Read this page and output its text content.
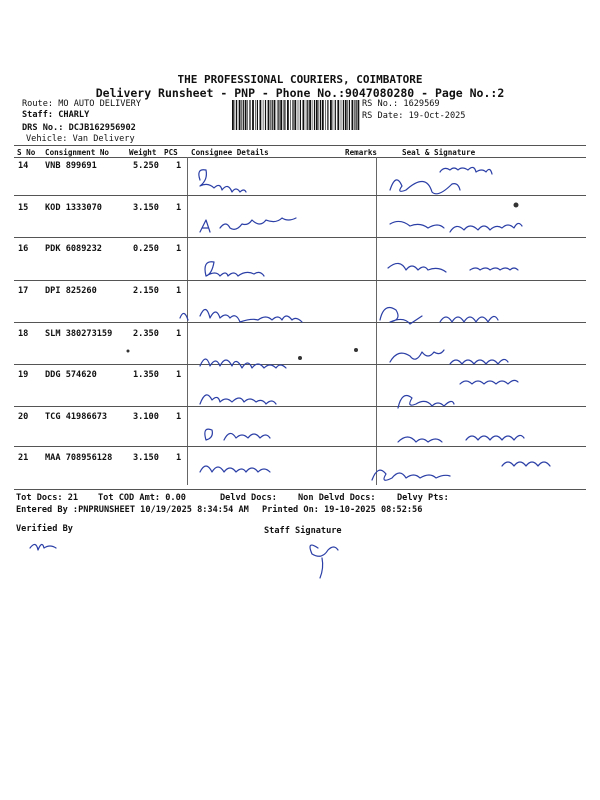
THE PROFESSIONAL COURIERS, COIMBATORE
Delivery Runsheet - PNP - Phone No.:9047080280 - Page No.:2
Route: MO AUTO DELIVERY
Staff: CHARLY
DRS No.: DCJB162956902
Vehicle: Van Delivery
RS No.: 1629569
RS Date: 19-Oct-2025
S No Consignment No	Weight PCS Consignee Details	Remarks	Seal & Signature
14 VNB 899691	5.250 1
15 KOD 1333070	3.150 1
16 PDK 6089232	0.250 1
17 DPI 825260	2.150 1
18 SLM 380273159 2.350 1
19 DDG 574620	1.350 1
20 TCG 41986673	3.100 1
21 MAA 708956128 3.150 1
Tot Docs: 21 Tot COD Amt: 0.00	Delvd Docs: Non Delvd Docs: Delvy Pts:
Entered By :PNPRUNSHEET 10/19/2025 8:34:54 AM Printed On: 19-10-2025 08:52:56
Verified By	Staff Signature
